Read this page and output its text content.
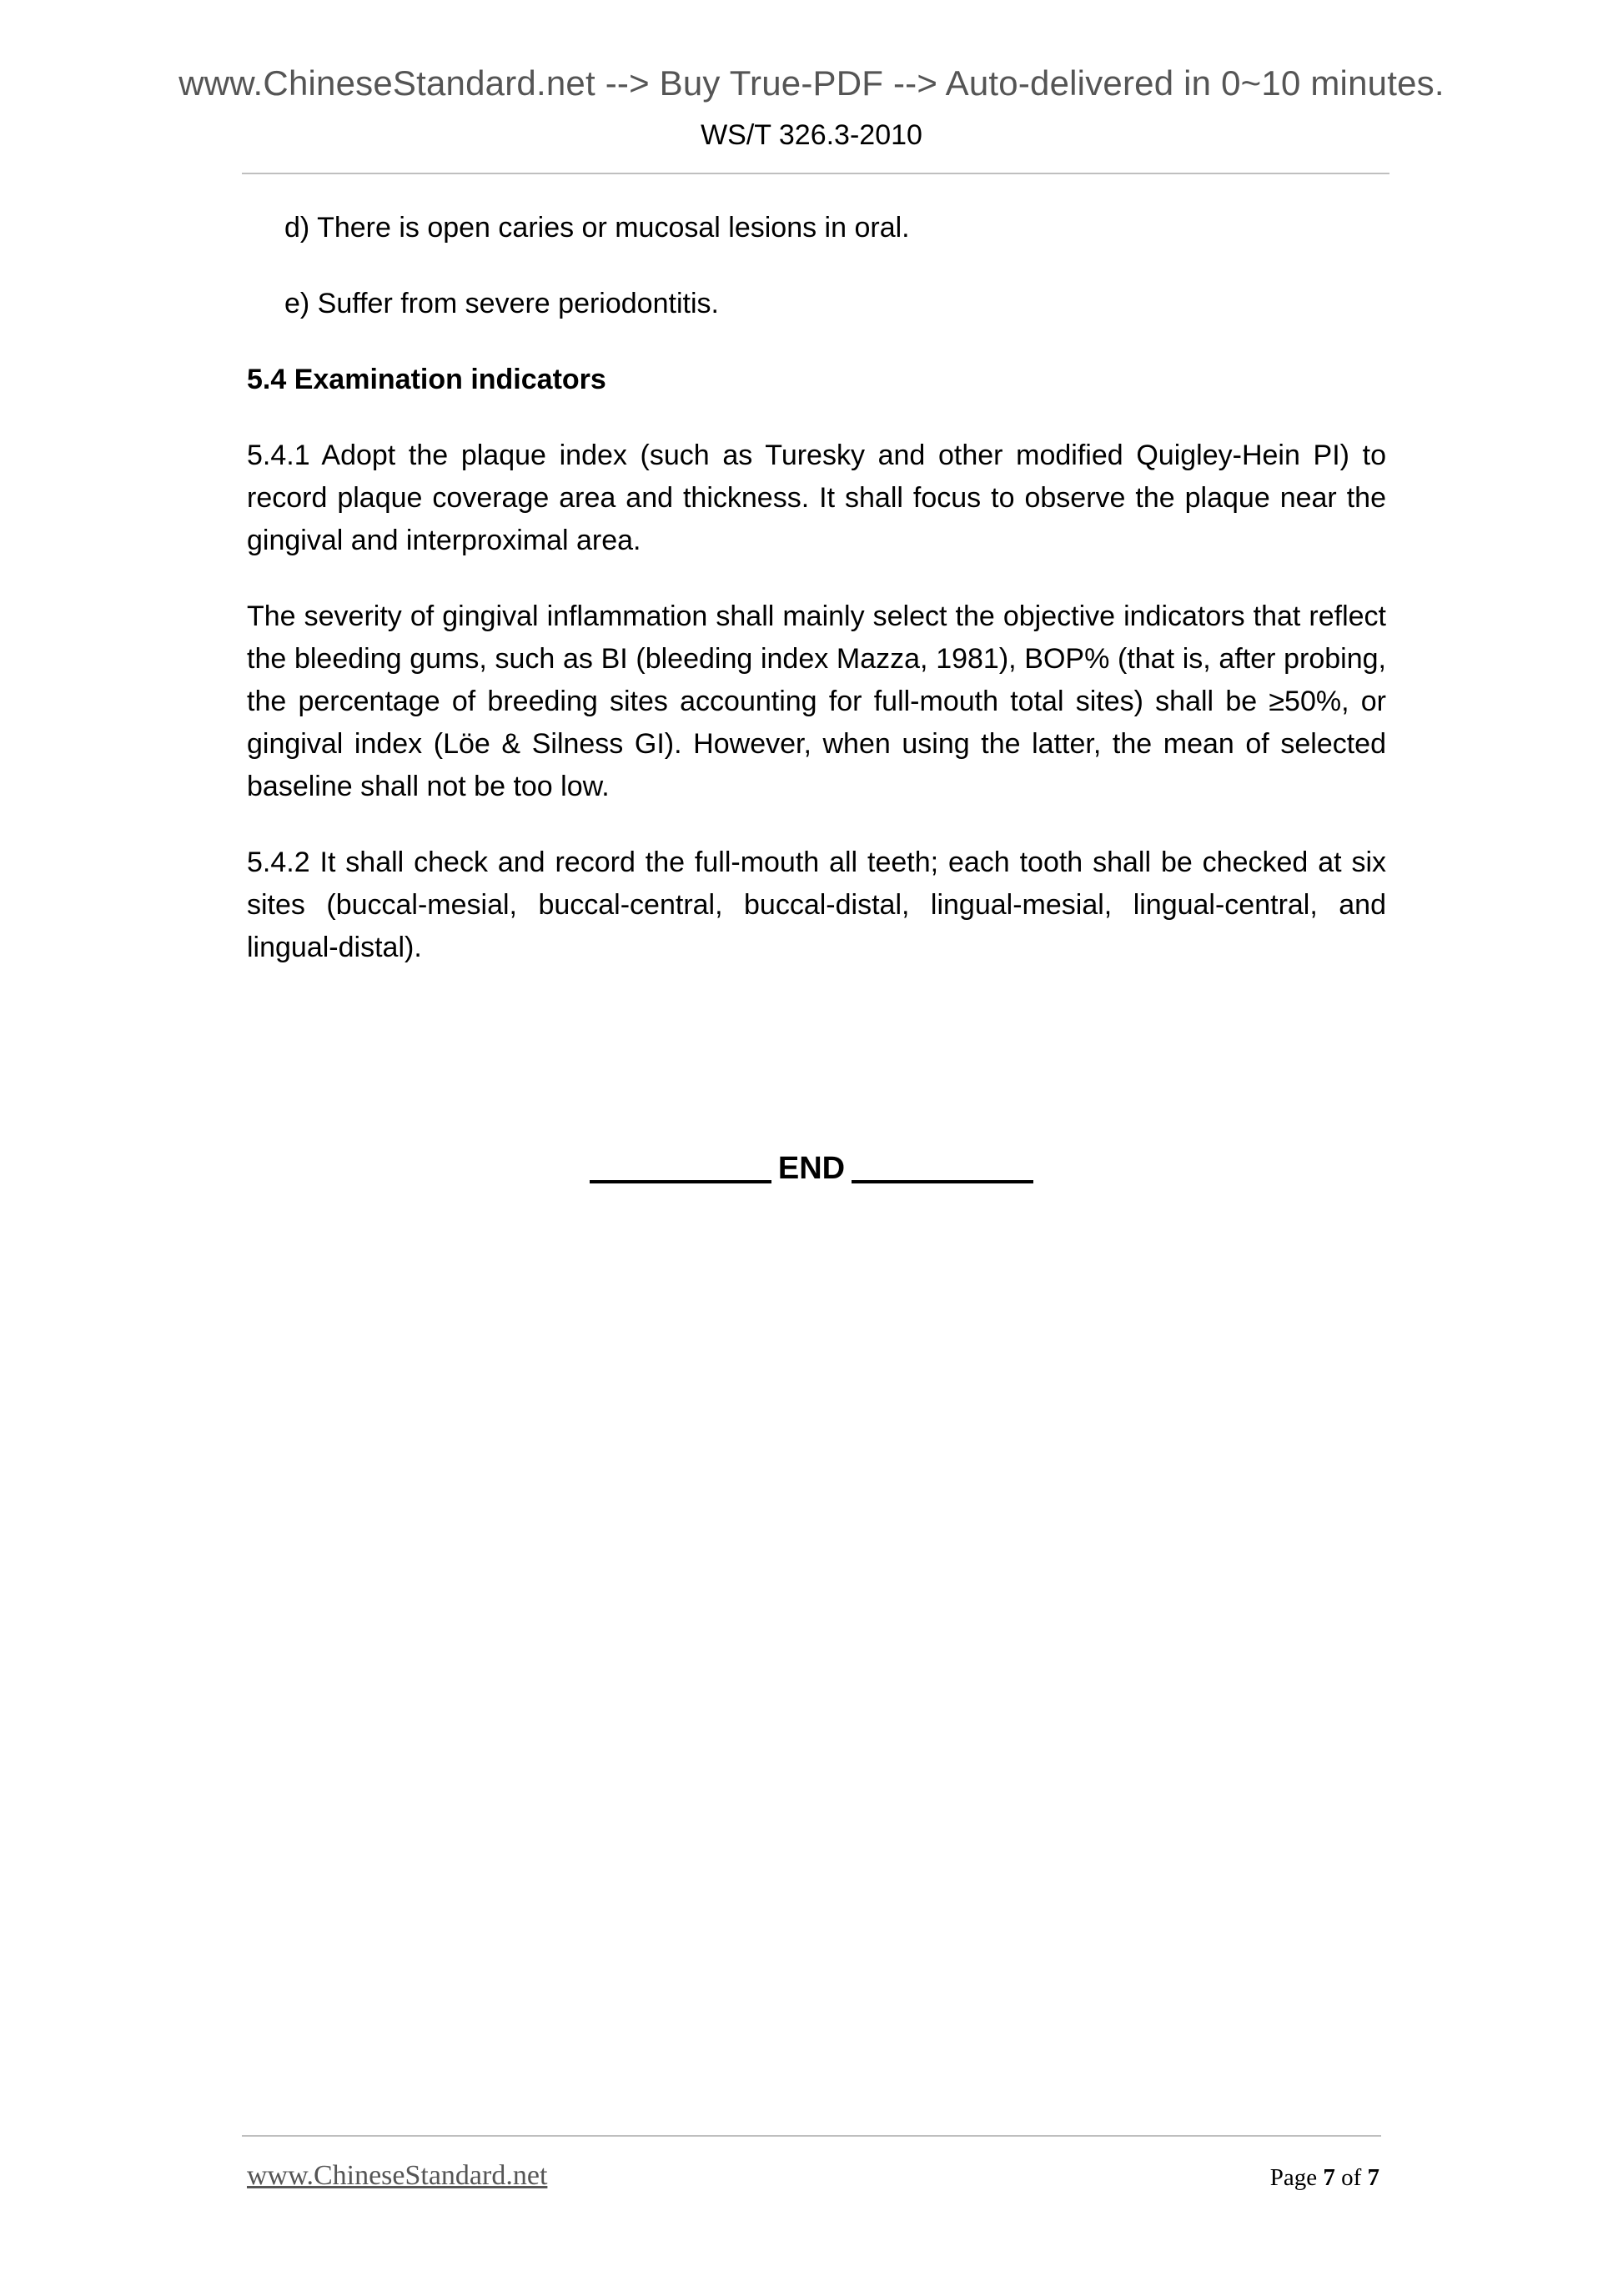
www.ChineseStandard.net --> Buy True-PDF --> Auto-delivered in 0~10 minutes.
WS/T 326.3-2010

d) There is open caries or mucosal lesions in oral.

e) Suffer from severe periodontitis.

5.4 Examination indicators

5.4.1 Adopt the plaque index (such as Turesky and other modified Quigley-Hein PI) to record plaque coverage area and thickness. It shall focus to observe the plaque near the gingival and interproximal area.

The severity of gingival inflammation shall mainly select the objective indicators that reflect the bleeding gums, such as BI (bleeding index Mazza, 1981), BOP% (that is, after probing, the percentage of breeding sites accounting for full-mouth total sites) shall be ≥50%, or gingival index (Löe & Silness GI). However, when using the latter, the mean of selected baseline shall not be too low.

5.4.2 It shall check and record the full-mouth all teeth; each tooth shall be checked at six sites (buccal-mesial, buccal-central, buccal-distal, lingual-mesial, lingual-central, and lingual-distal).

END
www.ChineseStandard.net	Page 7 of 7
